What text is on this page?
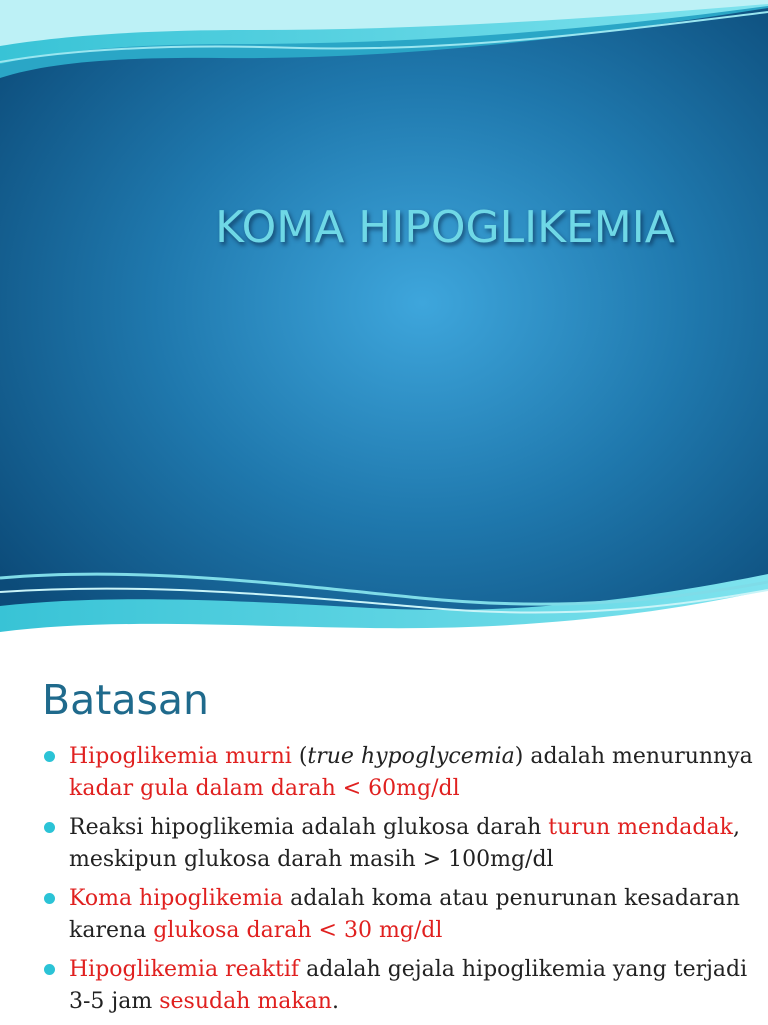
KOMA HIPOGLIKEMIA
Batasan
Hipoglikemia murni (true hypoglycemia) adalah menurunnya kadar gula dalam darah < 60mg/dl
Reaksi hipoglikemia adalah glukosa darah turun mendadak, meskipun glukosa darah masih > 100mg/dl
Koma hipoglikemia adalah koma atau penurunan kesadaran karena glukosa darah < 30 mg/dl
Hipoglikemia reaktif adalah gejala hipoglikemia yang terjadi 3-5 jam sesudah makan.
